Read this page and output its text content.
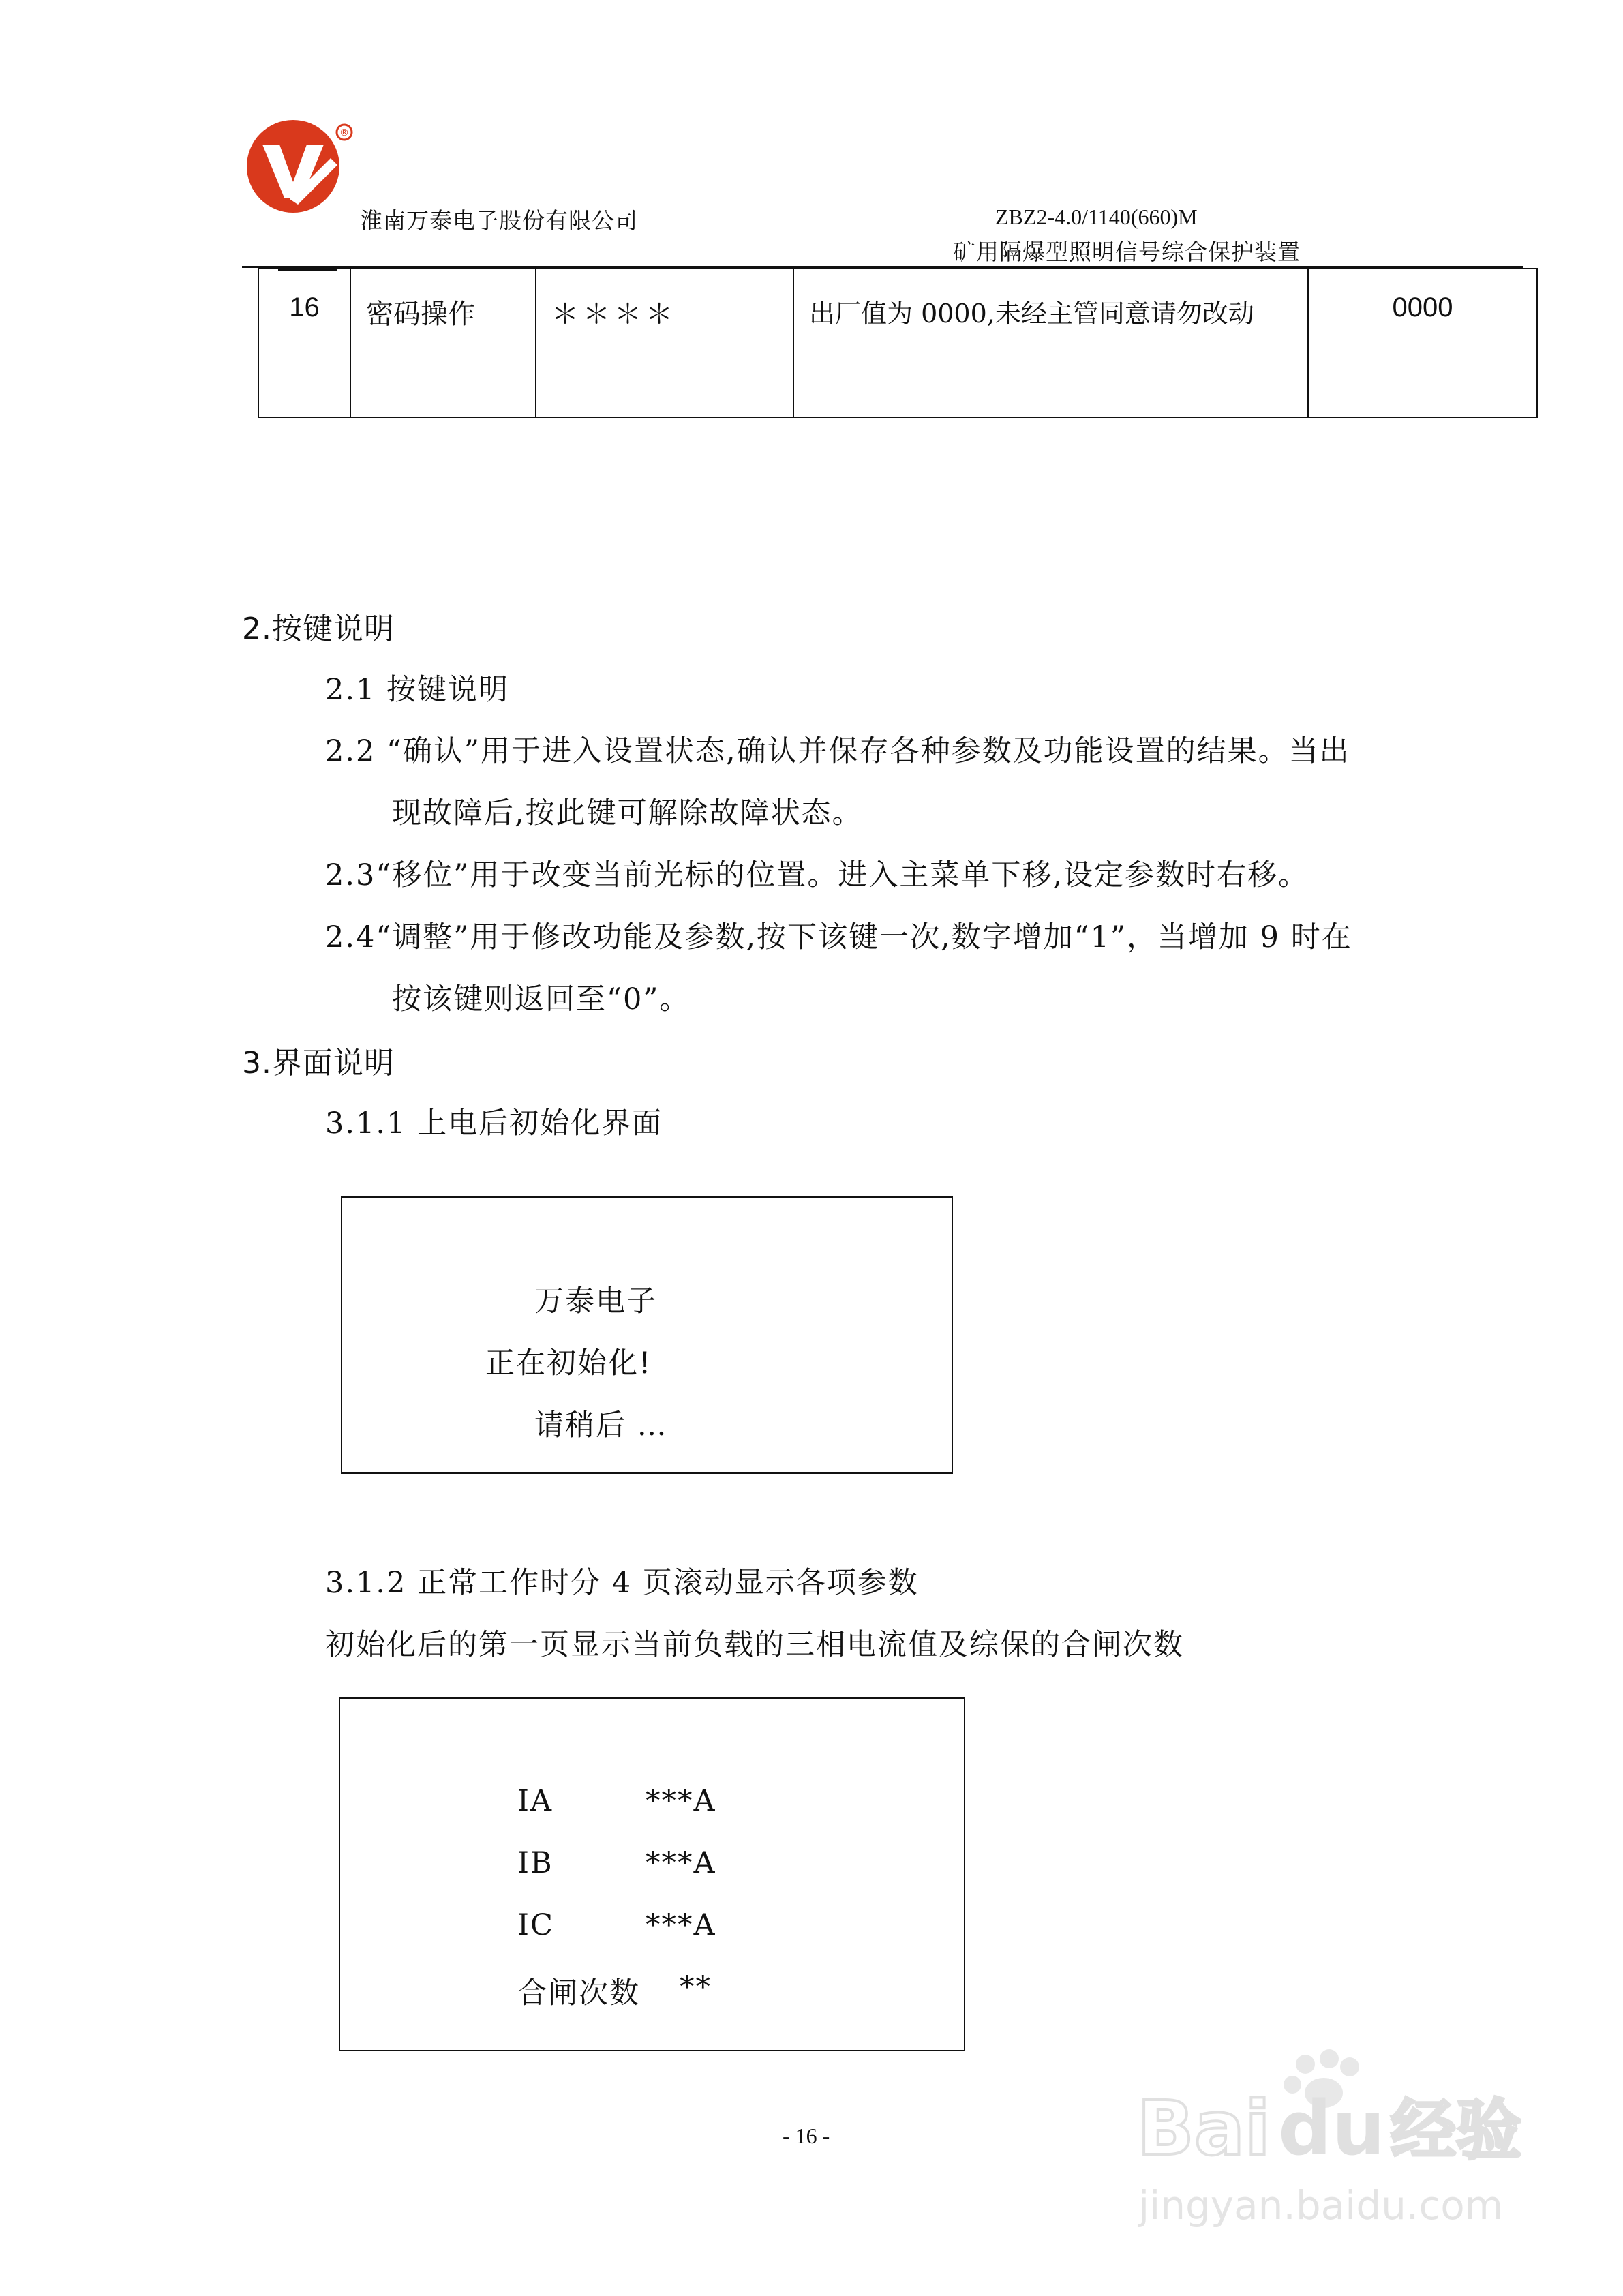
®
淮南万泰电子股份有限公司	ZBZ2-4.0/1140(660)M
矿用隔爆型照明信号综合保护装置
16	密码操作	＊＊＊＊	出厂值为 0000,未经主管同意请勿改动	0000
2.按键说明
2.1 按键说明
2.2 “确认”用于进入设置状态,确认并保存各种参数及功能设置的结果。当出
现故障后,按此键可解除故障状态。
2.3“移位”用于改变当前光标的位置。进入主菜单下移,设定参数时右移。
2.4“调整”用于修改功能及参数,按下该键一次,数字增加“1”，当增加 9 时在
按该键则返回至“0”。
3.界面说明
3.1.1 上电后初始化界面
万泰电子
正在初始化!
请稍后 …
3.1.2 正常工作时分 4 页滚动显示各项参数
初始化后的第一页显示当前负载的三相电流值及综保的合闸次数
IA	***A
IB	***A
IC	***A
合闸次数 **
- 16 -	Bai du 经验
jingyan.baidu.com
